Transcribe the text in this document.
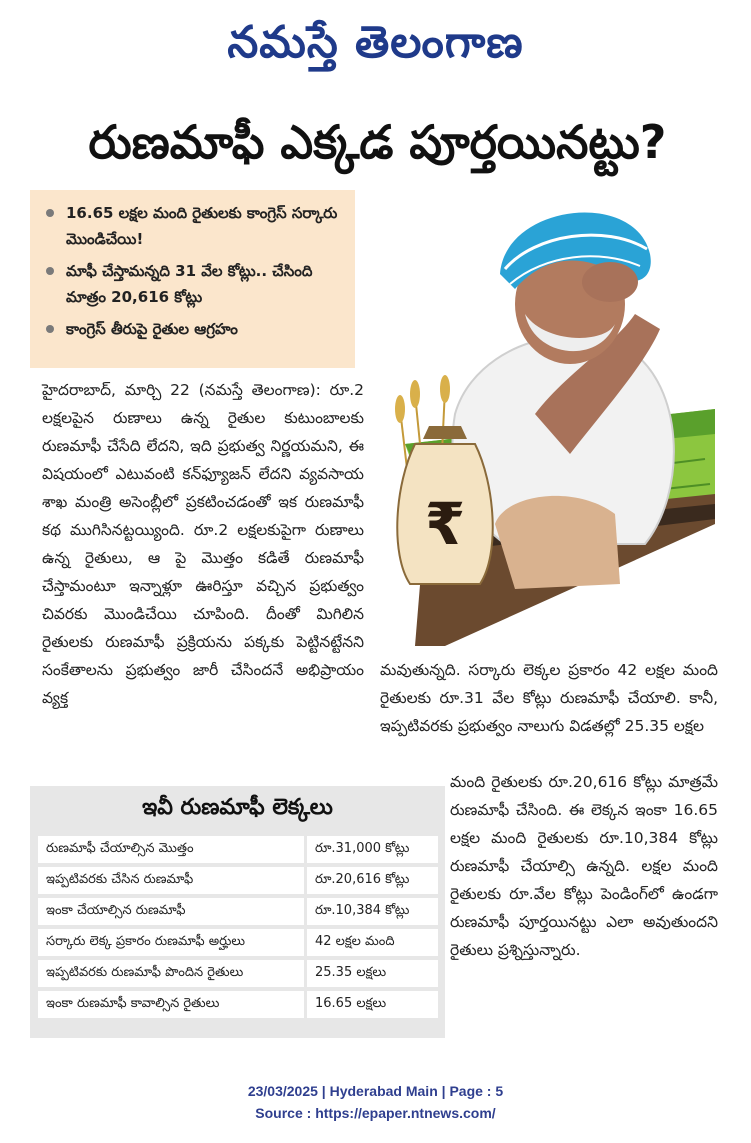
నమస్తే తెలంగాణ
రుణమాఫీ ఎక్కడ పూర్తయినట్టు?
16.65 లక్షల మంది రైతులకు కాంగ్రెస్ సర్కారు మొండిచేయి!
మాఫీ చేస్తామన్నది 31 వేల కోట్లు.. చేసింది మాత్రం 20,616 కోట్లు
కాంగ్రెస్ తీరుపై రైతుల ఆగ్రహం
₹
హైదరాబాద్, మార్చి 22 (నమస్తే తెలంగాణ): రూ.2 లక్షలపైన రుణాలు ఉన్న రైతుల కుటుంబాలకు రుణమాఫీ చేసేది లేదని, ఇది ప్రభుత్వ నిర్ణయమని, ఈ విషయంలో ఎటువంటి కన్‌ఫ్యూజన్ లేదని వ్యవసాయ శాఖ మంత్రి అసెంబ్లీలో ప్రకటించడంతో ఇక రుణమాఫీ కథ ముగిసినట్టయ్యింది. రూ.2 లక్షలకుపైగా రుణాలు ఉన్న రైతులు, ఆ పై మొత్తం కడితే రుణమాఫీ చేస్తామంటూ ఇన్నాళ్లూ ఊరిస్తూ వచ్చిన ప్రభుత్వం చివరకు మొండిచేయి చూపింది. దీంతో మిగిలిన రైతులకు రుణమాఫీ ప్రక్రియను పక్కకు పెట్టినట్టేనని సంకేతాలను ప్రభుత్వం జారీ చేసిందనే అభిప్రాయం వ్యక్త
మవుతున్నది. సర్కారు లెక్కల ప్రకారం 42 లక్షల మంది రైతులకు రూ.31 వేల కోట్లు రుణమాఫీ చేయాలి. కానీ, ఇప్పటివరకు ప్రభుత్వం నాలుగు విడతల్లో 25.35 లక్షల
మంది రైతులకు రూ.20,616 కోట్లు మాత్రమే రుణమాఫీ చేసింది. ఈ లెక్కన ఇంకా 16.65 లక్షల మంది రైతులకు రూ.10,384 కోట్లు రుణమాఫీ చేయాల్సి ఉన్నది. లక్షల మంది రైతులకు రూ.వేల కోట్లు పెండింగ్‌లో ఉండగా రుణమాఫీ పూర్తయినట్టు ఎలా అవుతుందని రైతులు ప్రశ్నిస్తున్నారు.
ఇవీ రుణమాఫీ లెక్కలు
రుణమాఫీ చేయాల్సిన మొత్తం	రూ.31,000 కోట్లు
ఇప్పటివరకు చేసిన రుణమాఫీ	రూ.20,616 కోట్లు
ఇంకా చేయాల్సిన రుణమాఫీ	రూ.10,384 కోట్లు
సర్కారు లెక్క ప్రకారం రుణమాఫీ అర్హులు	42 లక్షల మంది
ఇప్పటివరకు రుణమాఫీ పొందిన రైతులు	25.35 లక్షలు
ఇంకా రుణమాఫీ కావాల్సిన రైతులు	16.65 లక్షలు
23/03/2025 | Hyderabad Main | Page : 5
Source : https://epaper.ntnews.com/
